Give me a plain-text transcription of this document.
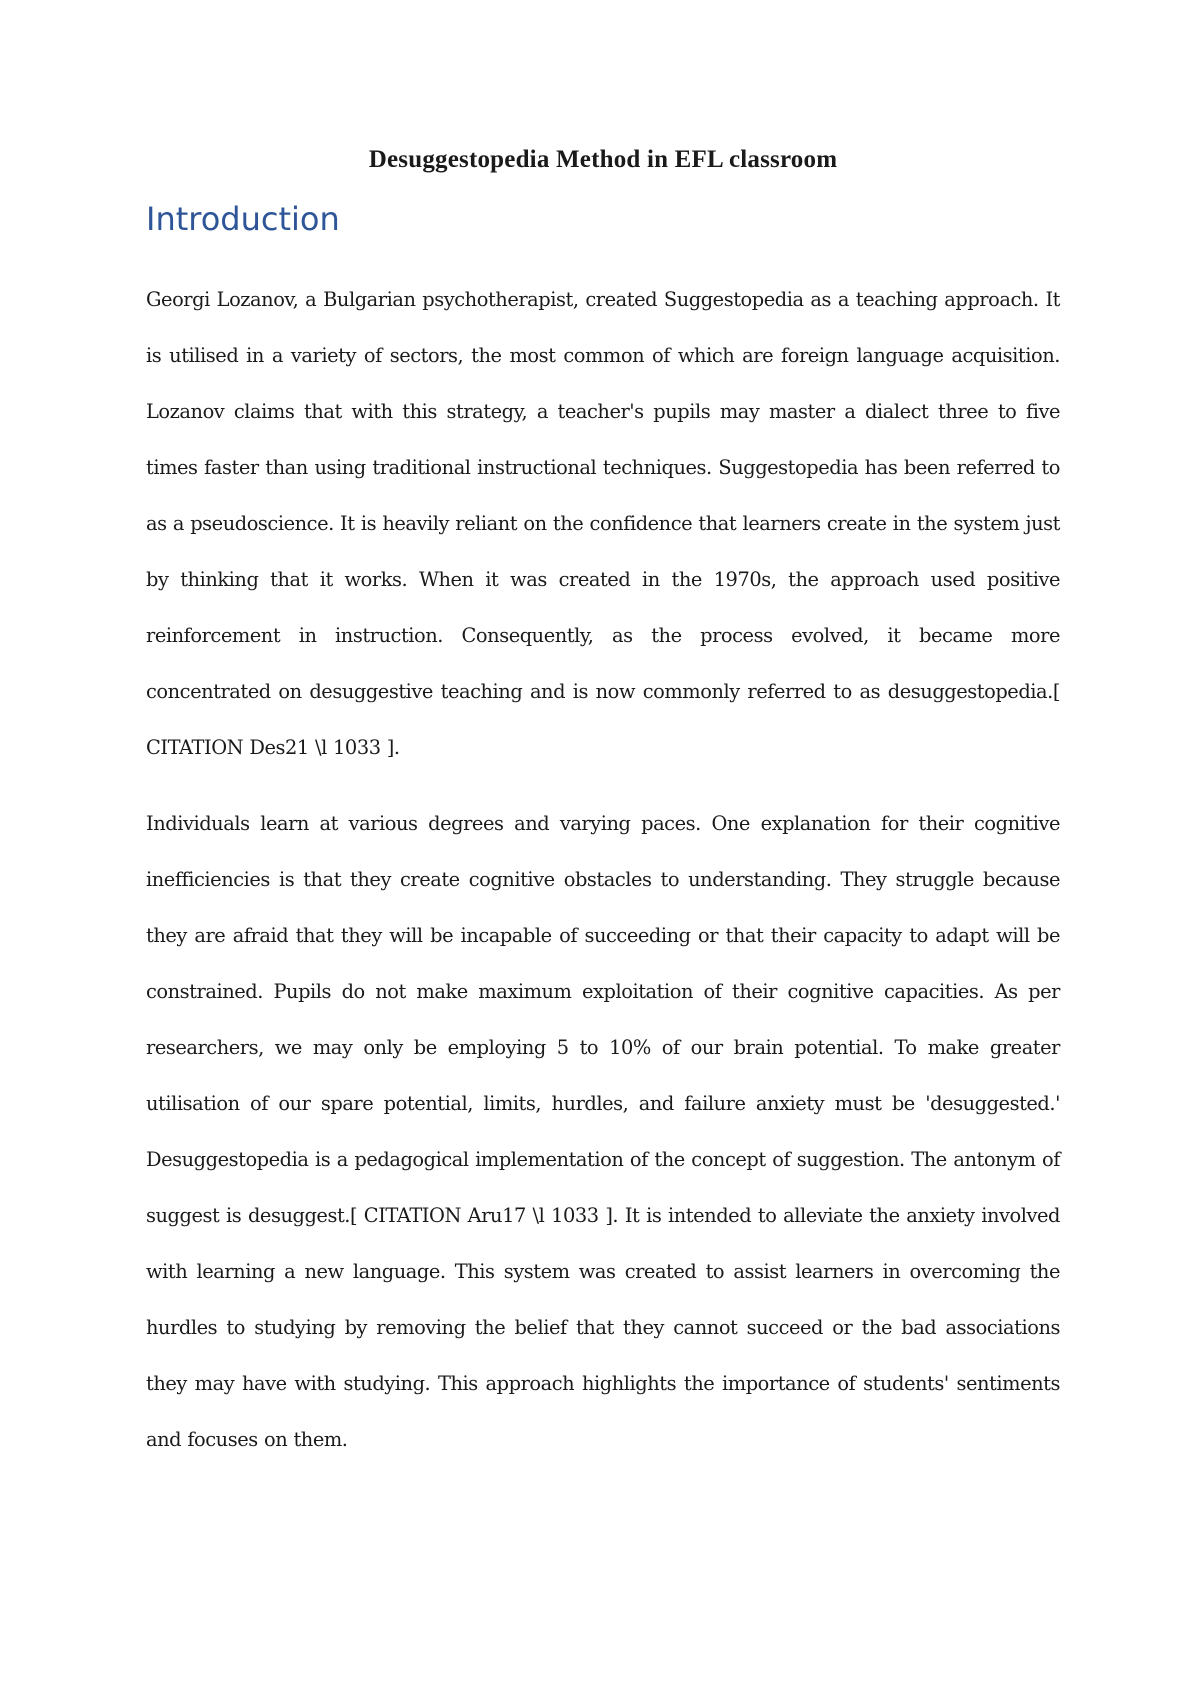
Desuggestopedia Method in EFL classroom
Introduction

Georgi Lozanov, a Bulgarian psychotherapist, created Suggestopedia as a teaching approach. It is utilised in a variety of sectors, the most common of which are foreign language acquisition. Lozanov claims that with this strategy, a teacher's pupils may master a dialect three to five times faster than using traditional instructional techniques. Suggestopedia has been referred to as a pseudoscience. It is heavily reliant on the confidence that learners create in the system just by thinking that it works. When it was created in the 1970s, the approach used positive reinforcement in instruction. Consequently, as the process evolved, it became more concentrated on desuggestive teaching and is now commonly referred to as desuggestopedia.[ CITATION Des21 \l 1033 ].

Individuals learn at various degrees and varying paces. One explanation for their cognitive inefficiencies is that they create cognitive obstacles to understanding. They struggle because they are afraid that they will be incapable of succeeding or that their capacity to adapt will be constrained. Pupils do not make maximum exploitation of their cognitive capacities. As per researchers, we may only be employing 5 to 10% of our brain potential. To make greater utilisation of our spare potential, limits, hurdles, and failure anxiety must be 'desuggested.' Desuggestopedia is a pedagogical implementation of the concept of suggestion. The antonym of suggest is desuggest.[ CITATION Aru17 \l 1033 ]. It is intended to alleviate the anxiety involved with learning a new language. This system was created to assist learners in overcoming the hurdles to studying by removing the belief that they cannot succeed or the bad associations they may have with studying. This approach highlights the importance of students' sentiments and focuses on them.
